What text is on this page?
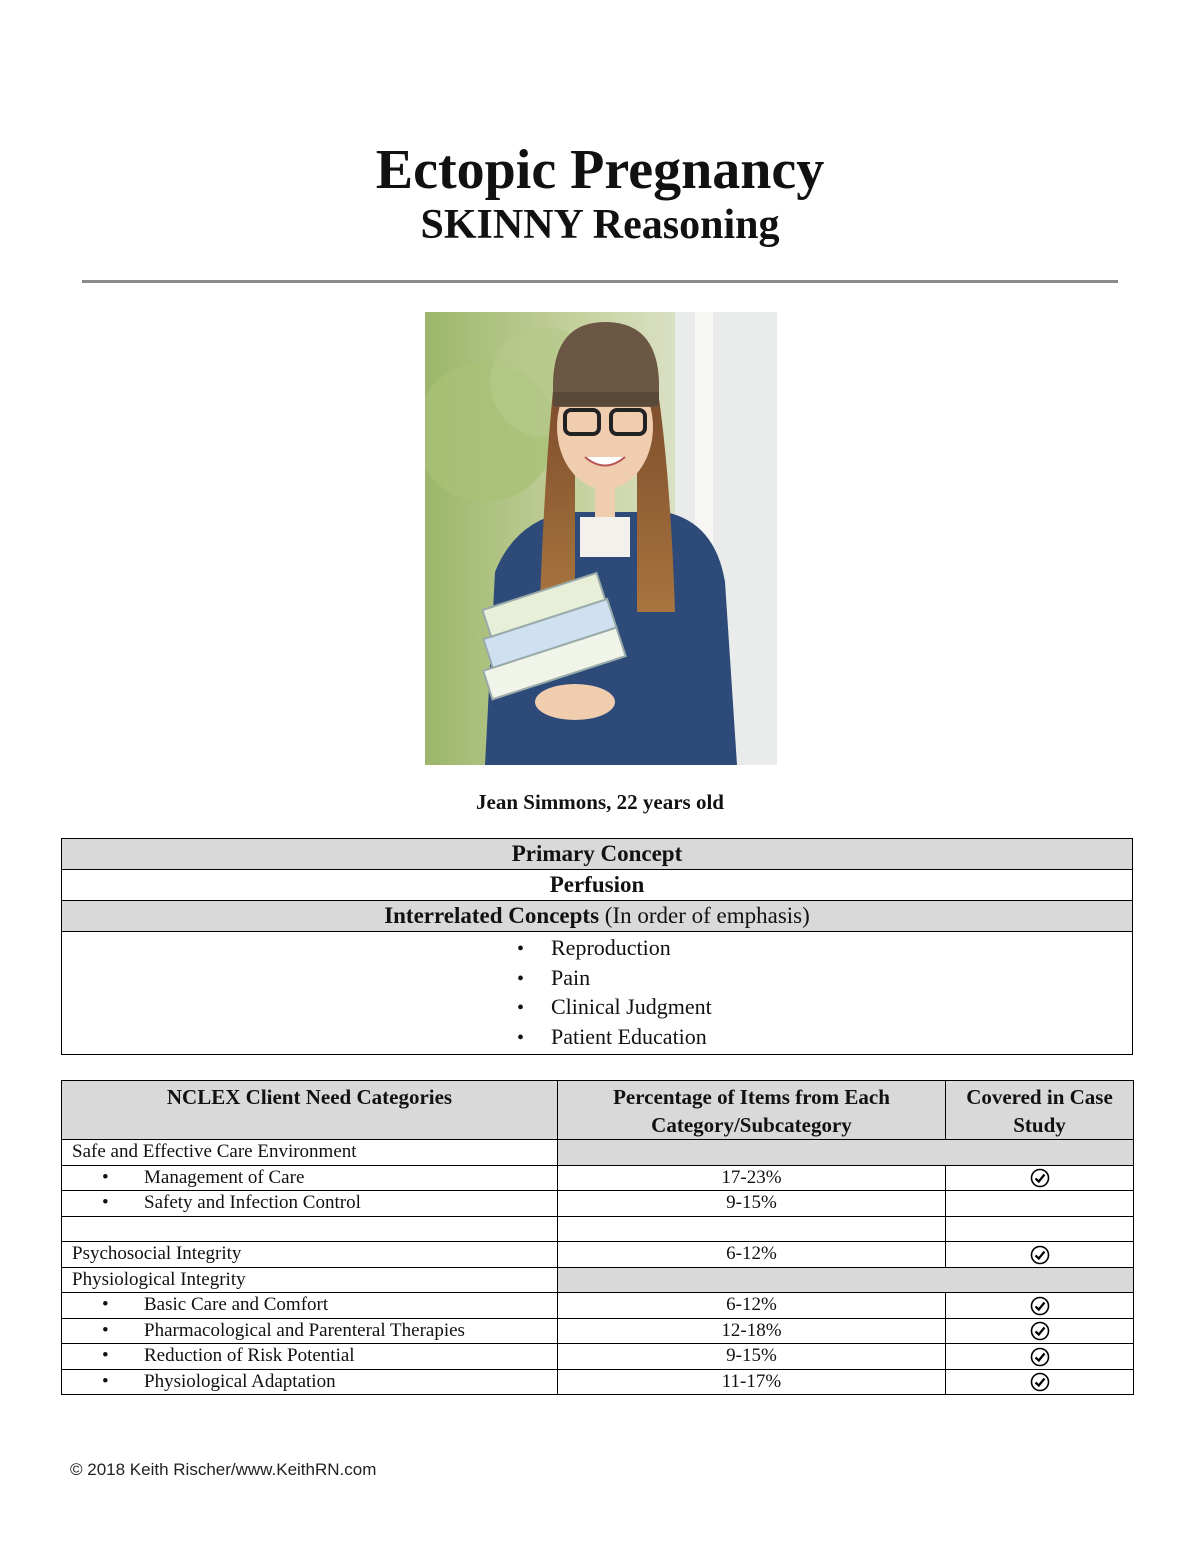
Ectopic Pregnancy
SKINNY Reasoning
Jean Simmons, 22 years old
Primary Concept
Perfusion
Interrelated Concepts (In order of emphasis)

• Reproduction
• Pain
• Clinical Judgment
• Patient Education
NCLEX Client Need Categories	Percentage of Items from Each Category/Subcategory	Covered in Case Study
Safe and Effective Care Environment		
• Management of Care	17-23%	
• Safety and Infection Control	9-15%	

Psychosocial Integrity	6-12%	
Physiological Integrity		
• Basic Care and Comfort	6-12%	
• Pharmacological and Parenteral Therapies	12-18%	
• Reduction of Risk Potential	9-15%	
• Physiological Adaptation	11-17%	
© 2018 Keith Rischer/www.KeithRN.com
